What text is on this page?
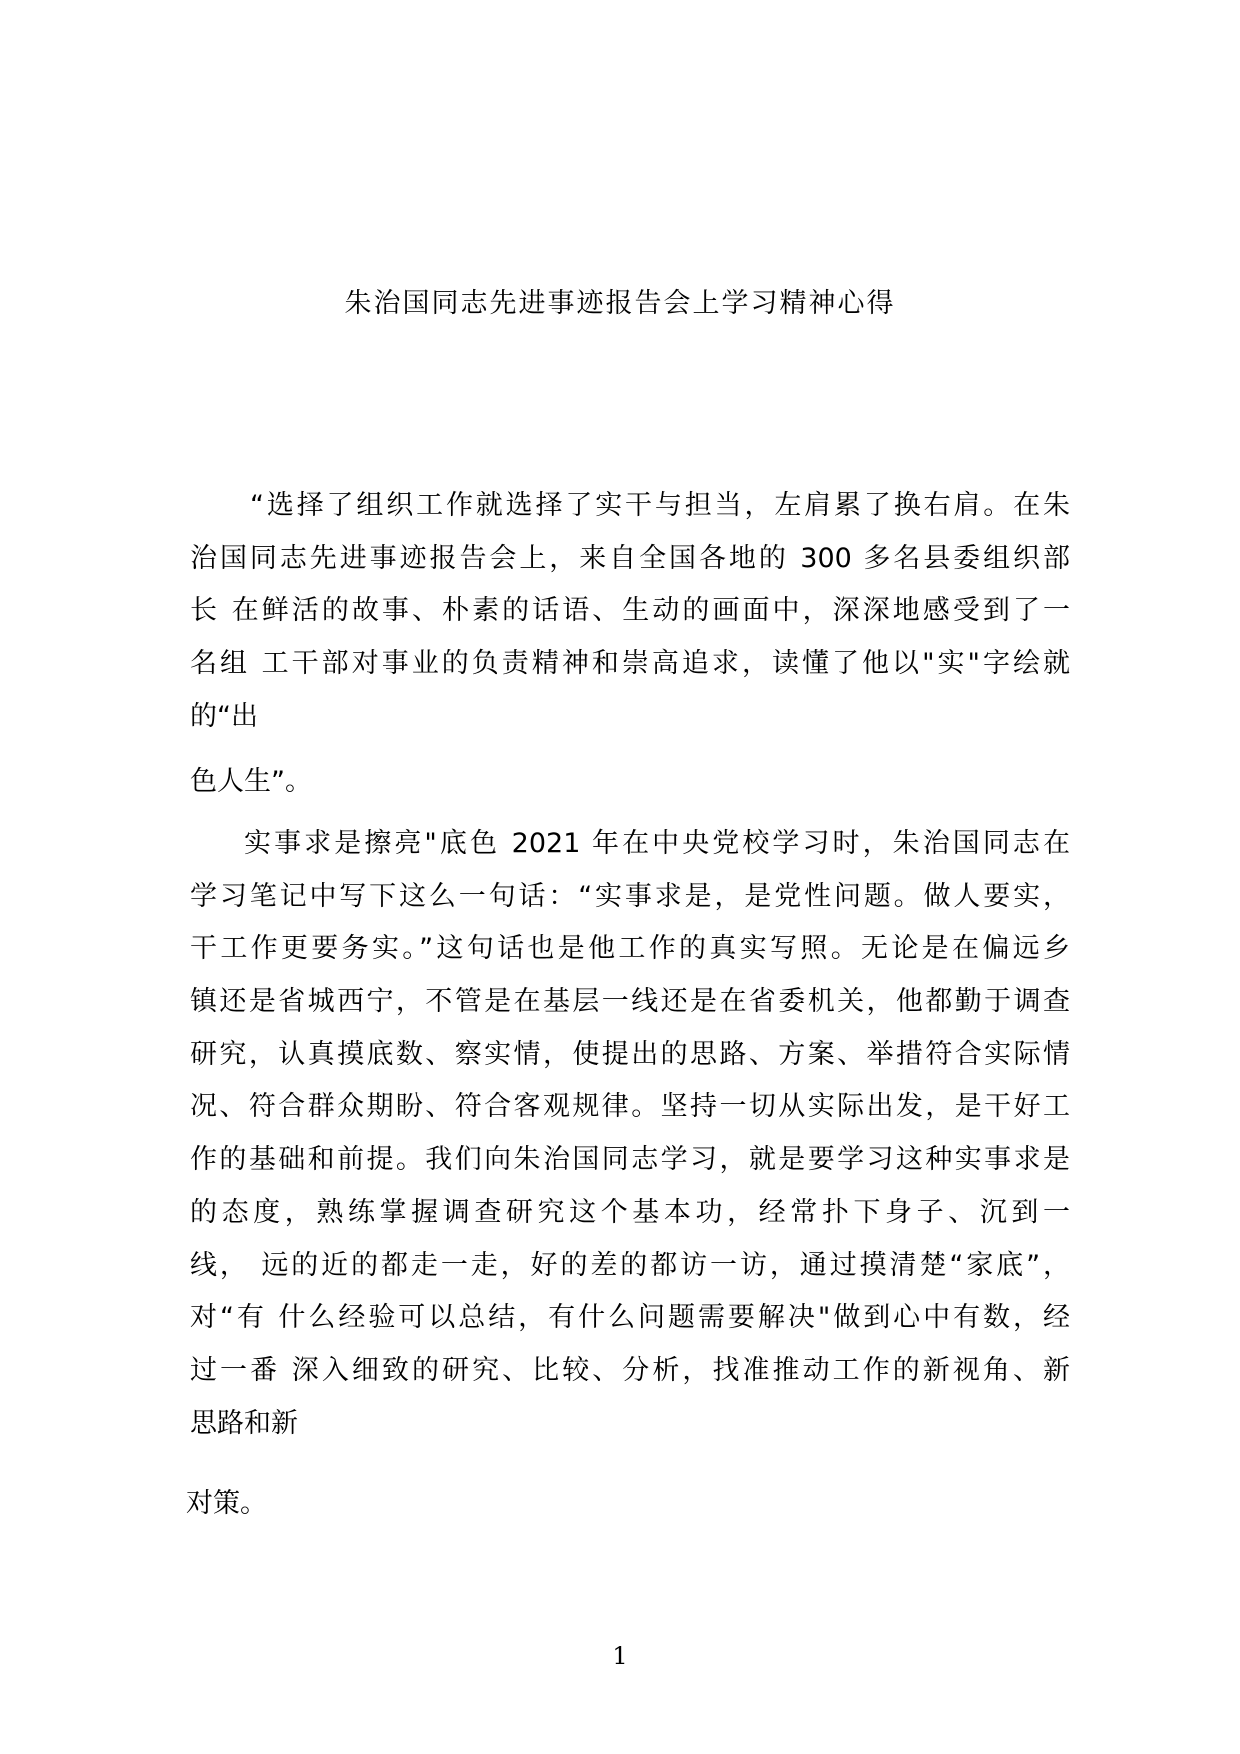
朱治国同志先进事迹报告会上学习精神心得
“选择了组织工作就选择了实干与担当，左肩累了换右肩。在朱
治国同志先进事迹报告会上，来自全国各地的 300 多名县委组织部
长 在鲜活的故事、朴素的话语、生动的画面中，深深地感受到了一
名组 工干部对事业的负责精神和崇高追求，读懂了他以"实"字绘就
的“出
色人生”。
实事求是擦亮"底色 2021 年在中央党校学习时，朱治国同志在
学习笔记中写下这么一句话：“实事求是，是党性问题。做人要实，
干工作更要务实。”这句话也是他工作的真实写照。无论是在偏远乡
镇还是省城西宁，不管是在基层一线还是在省委机关，他都勤于调查
研究，认真摸底数、察实情，使提出的思路、方案、举措符合实际情
况、符合群众期盼、符合客观规律。坚持一切从实际出发，是干好工
作的基础和前提。我们向朱治国同志学习，就是要学习这种实事求是
的态度，熟练掌握调查研究这个基本功，经常扑下身子、沉到一
线， 远的近的都走一走，好的差的都访一访，通过摸清楚“家底”，
对“有 什么经验可以总结，有什么问题需要解决"做到心中有数，经
过一番 深入细致的研究、比较、分析，找准推动工作的新视角、新
思路和新
对策。
1
